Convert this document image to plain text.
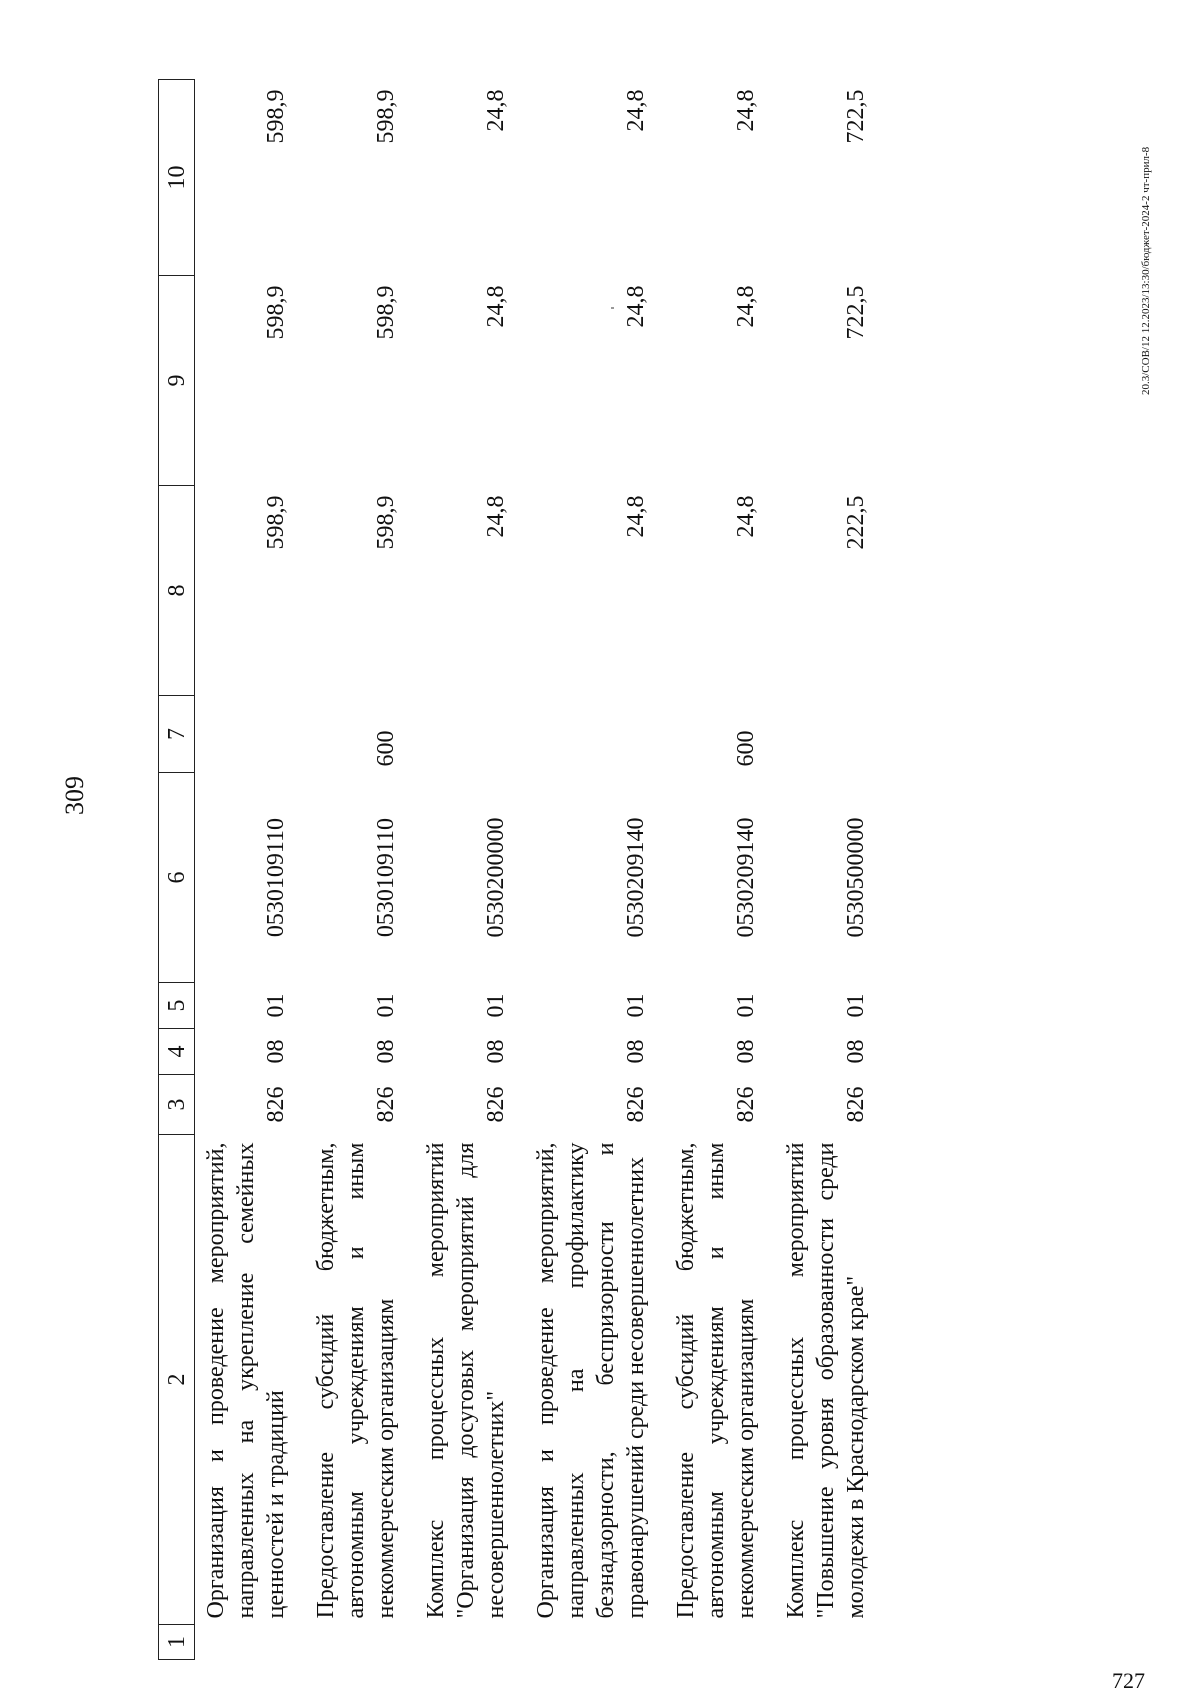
309
20.3/СОВ/12 12.2023/13:30/бюджет-2024-2 чт-прил-8
727
1	2	3	4	5	6	7	8	9	10
	Организация и проведение мероприятий, направленных на укрепление семейных ценностей и традиций	826	08	01	0530109110		598,9	598,9	598,9
	Предоставление субсидий бюджетным, автономным учреждениям и иным некоммерческим организациям	826	08	01	0530109110	600	598,9	598,9	598,9
	Комплекс процессных мероприятий "Организация досуговых мероприятий для несовершеннолетних"	826	08	01	0530200000		24,8	24,8	24,8
	Организация и проведение мероприятий, направленных на профилактику безнадзорности, беспризорности и правонарушений среди несовершеннолетних	826	08	01	0530209140		24,8	24,8	24,8
	Предоставление субсидий бюджетным, автономным учреждениям и иным некоммерческим организациям	826	08	01	0530209140	600	24,8	24,8	24,8
	Комплекс процессных мероприятий "Повышение уровня образованности среди молодежи в Краснодарском крае"	826	08	01	0530500000		222,5	722,5	722,5
